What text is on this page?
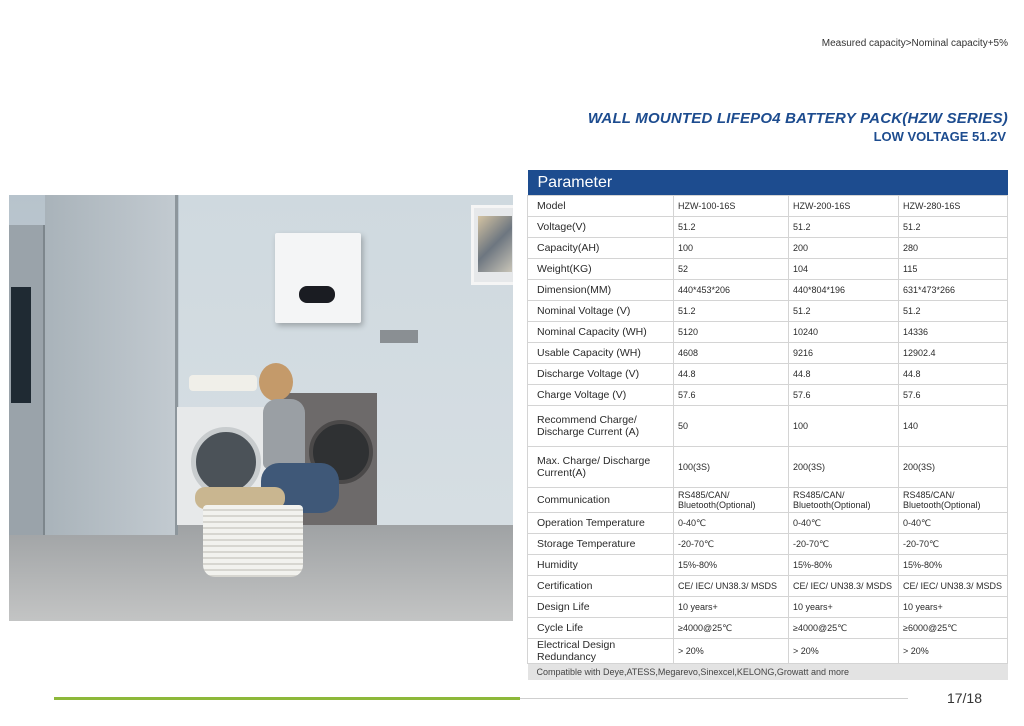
Measured capacity>Nominal capacity+5%
WALL MOUNTED LIFEPO4 BATTERY PACK(HZW SERIES)
LOW VOLTAGE 51.2V
Parameter			
Model	HZW-100-16S	HZW-200-16S	HZW-280-16S
Voltage(V)	51.2	51.2	51.2
Capacity(AH)	100	200	280
Weight(KG)	52	104	115
Dimension(MM)	440*453*206	440*804*196	631*473*266
Nominal Voltage (V)	51.2	51.2	51.2
Nominal Capacity (WH)	5120	10240	14336
Usable Capacity (WH)	4608	9216	12902.4
Discharge Voltage (V)	44.8	44.8	44.8
Charge Voltage (V)	57.6	57.6	57.6
Recommend Charge/ Discharge Current (A)	50	100	140
Max. Charge/ Discharge Current(A)	100(3S)	200(3S)	200(3S)
Communication	RS485/CAN/ Bluetooth(Optional)	RS485/CAN/ Bluetooth(Optional)	RS485/CAN/ Bluetooth(Optional)
Operation Temperature	0-40℃	0-40℃	0-40℃
Storage Temperature	-20-70℃	-20-70℃	-20-70℃
Humidity	15%-80%	15%-80%	15%-80%
Certification	CE/ IEC/ UN38.3/ MSDS	CE/ IEC/ UN38.3/ MSDS	CE/ IEC/ UN38.3/ MSDS
Design Life	10 years+	10 years+	10 years+
Cycle Life	≥4000@25℃	≥4000@25℃	≥6000@25℃
Electrical Design Redundancy	> 20%	> 20%	> 20%
Compatible with Deye,ATESS,Megarevo,Sinexcel,KELONG,Growatt and more			
17/18
